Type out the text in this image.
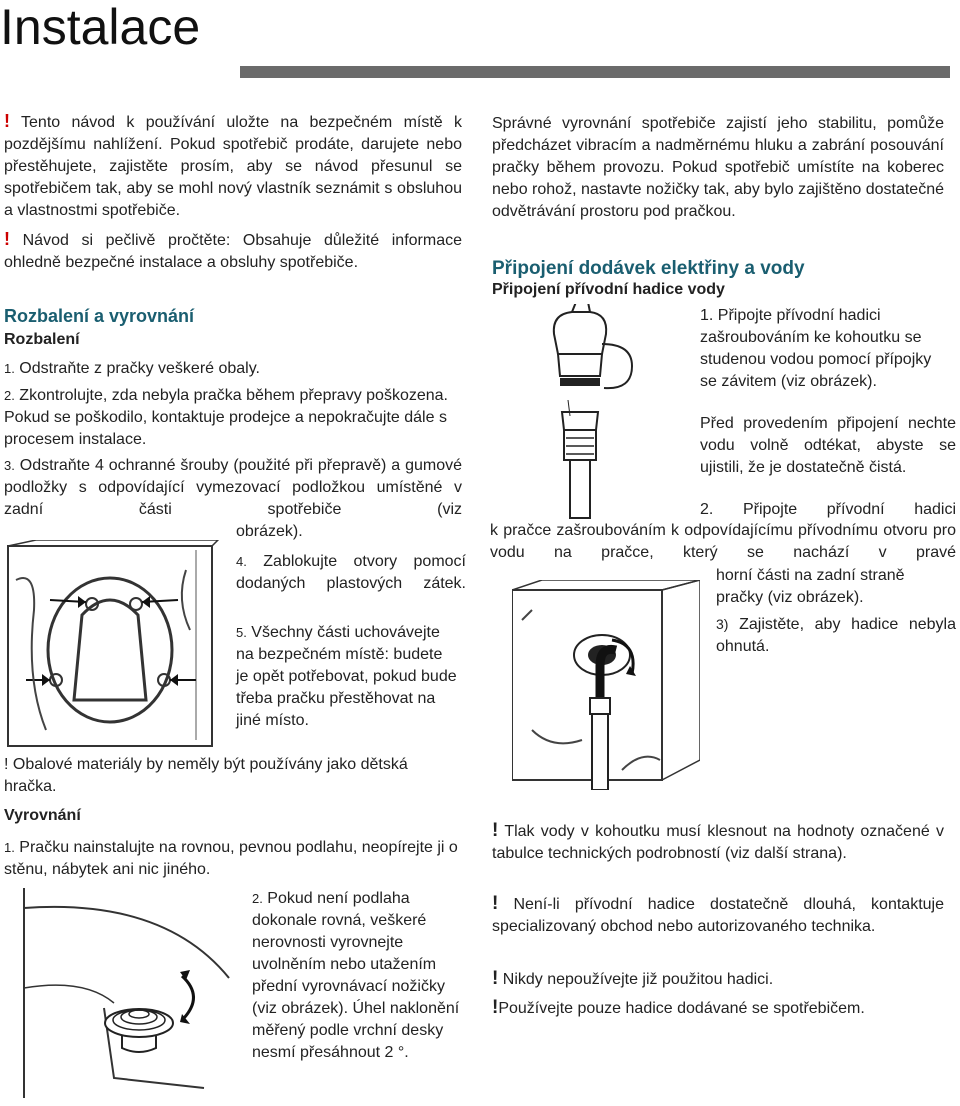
Instalace
! Tento návod k používání uložte na bezpečném místě k pozdějšímu nahlížení. Pokud spotřebič prodáte, darujete nebo přestěhujete, zajistěte prosím, aby se návod přesunul se spotřebičem tak, aby se mohl nový vlastník seznámit s obsluhou a vlastnostmi spotřebiče.
! Návod si pečlivě pročtěte: Obsahuje důležité informace ohledně bezpečné instalace a obsluhy spotřebiče.
Rozbalení a vyrovnání
Rozbalení
1. Odstraňte z pračky veškeré obaly.
2. Zkontrolujte, zda nebyla pračka během přepravy poškozena. Pokud se poškodilo, kontaktuje prodejce a nepokračujte dále s procesem instalace.
3. Odstraňte 4 ochranné šrouby (použité při přepravě) a gumové podložky s odpovídající vymezovací podložkou umístěné v zadní části spotřebiče (viz
obrázek).
4. Zablokujte otvory pomocí dodaných plastových zátek.
5. Všechny části uchovávejte na bezpečném místě: budete je opět potřebovat, pokud bude třeba pračku přestěhovat na jiné místo.
! Obalové materiály by neměly být používány jako dětská hračka.
Vyrovnání
1. Pračku nainstalujte na rovnou, pevnou podlahu, neopírejte ji o stěnu, nábytek ani nic jiného.
2. Pokud není podlaha dokonale rovná, veškeré nerovnosti vyrovnejte uvolněním nebo utažením přední vyrovnávací nožičky (viz obrázek). Úhel naklonění měřený podle vrchní desky nesmí přesáhnout 2 °.
Správné vyrovnání spotřebiče zajistí jeho stabilitu, pomůže předcházet vibracím a nadměrnému hluku a zabrání posouvání pračky během provozu. Pokud spotřebič umístíte na koberec nebo rohož, nastavte nožičky tak, aby bylo zajištěno dostatečné odvětrávání prostoru pod pračkou.
Připojení dodávek elektřiny a vody
Připojení přívodní hadice vody
1. Připojte přívodní hadici zašroubováním ke kohoutku se studenou vodou pomocí přípojky se závitem (viz obrázek).
Před provedením připojení nechte vodu volně odtékat, abyste se ujistili, že je dostatečně čistá.
2. Připojte přívodní hadici
k pračce zašroubováním k odpovídajícímu přívodnímu otvoru pro vodu na pračce, který se nachází v pravé
horní části na zadní straně pračky (viz obrázek).
3) Zajistěte, aby hadice nebyla ohnutá.
! Tlak vody v kohoutku musí klesnout na hodnoty označené v tabulce technických podrobností (viz další strana).
! Není-li přívodní hadice dostatečně dlouhá, kontaktuje specializovaný obchod nebo autorizovaného technika.
! Nikdy nepoužívejte již použitou hadici.
!Používejte pouze hadice dodávané se spotřebičem.
